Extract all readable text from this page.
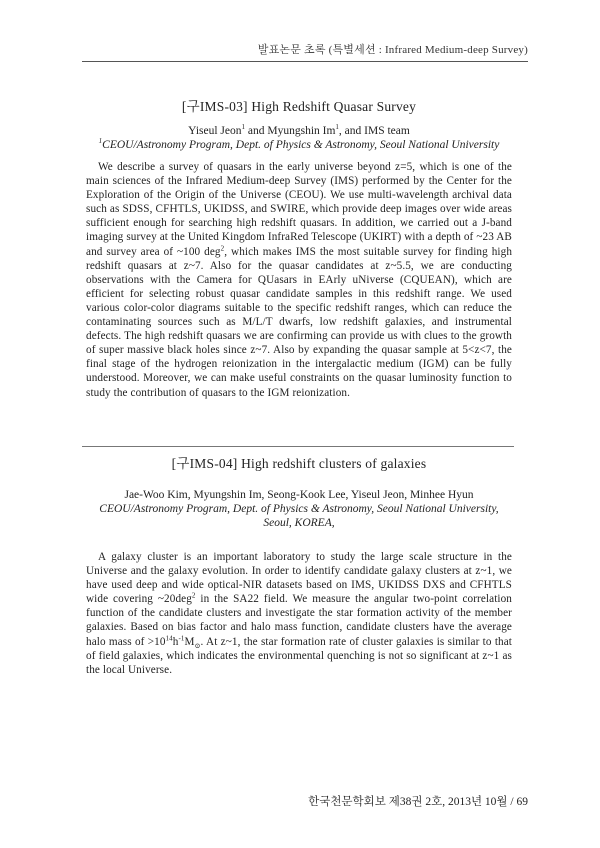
발표논문 초록 (특별세션 : Infrared Medium-deep Survey)
[구IMS-03] High Redshift Quasar Survey
Yiseul Jeon$^1$ and Myungshin Im$^1$, and IMS team
$^1$CEOU/Astronomy Program, Dept. of Physics & Astronomy, Seoul National University
We describe a survey of quasars in the early universe beyond z=5, which is one of the main sciences of the Infrared Medium-deep Survey (IMS) performed by the Center for the Exploration of the Origin of the Universe (CEOU). We use multi-wavelength archival data such as SDSS, CFHTLS, UKIDSS, and SWIRE, which provide deep images over wide areas sufficient enough for searching high redshift quasars. In addition, we carried out a J-band imaging survey at the United Kingdom InfraRed Telescope (UKIRT) with a depth of ~23 AB and survey area of ~100 deg$^2$, which makes IMS the most suitable survey for finding high redshift quasars at z~7. Also for the quasar candidates at z~5.5, we are conducting observations with the Camera for QUasars in EArly uNiverse (CQUEAN), which are efficient for selecting robust quasar candidate samples in this redshift range. We used various color-color diagrams suitable to the specific redshift ranges, which can reduce the contaminating sources such as M/L/T dwarfs, low redshift galaxies, and instrumental defects. The high redshift quasars we are confirming can provide us with clues to the growth of super massive black holes since z~7. Also by expanding the quasar sample at 5<z<7, the final stage of the hydrogen reionization in the intergalactic medium (IGM) can be fully understood. Moreover, we can make useful constraints on the quasar luminosity function to study the contribution of quasars to the IGM reionization.
[구IMS-04] High redshift clusters of galaxies
Jae-Woo Kim, Myungshin Im, Seong-Kook Lee, Yiseul Jeon, Minhee Hyun
CEOU/Astronomy Program, Dept. of Physics & Astronomy, Seoul National University, Seoul, KOREA,
A galaxy cluster is an important laboratory to study the large scale structure in the Universe and the galaxy evolution. In order to identify candidate galaxy clusters at z~1, we have used deep and wide optical-NIR datasets based on IMS, UKIDSS DXS and CFHTLS wide covering ~20deg$^2$ in the SA22 field. We measure the angular two-point correlation function of the candidate clusters and investigate the star formation activity of the member galaxies. Based on bias factor and halo mass function, candidate clusters have the average halo mass of $>10^{14}h^{-1}M_⊙$. At z~1, the star formation rate of cluster galaxies is similar to that of field galaxies, which indicates the environmental quenching is not so significant at z~1 as the local Universe.
한국천문학회보 제38권 2호, 2013년 10월 / 69
